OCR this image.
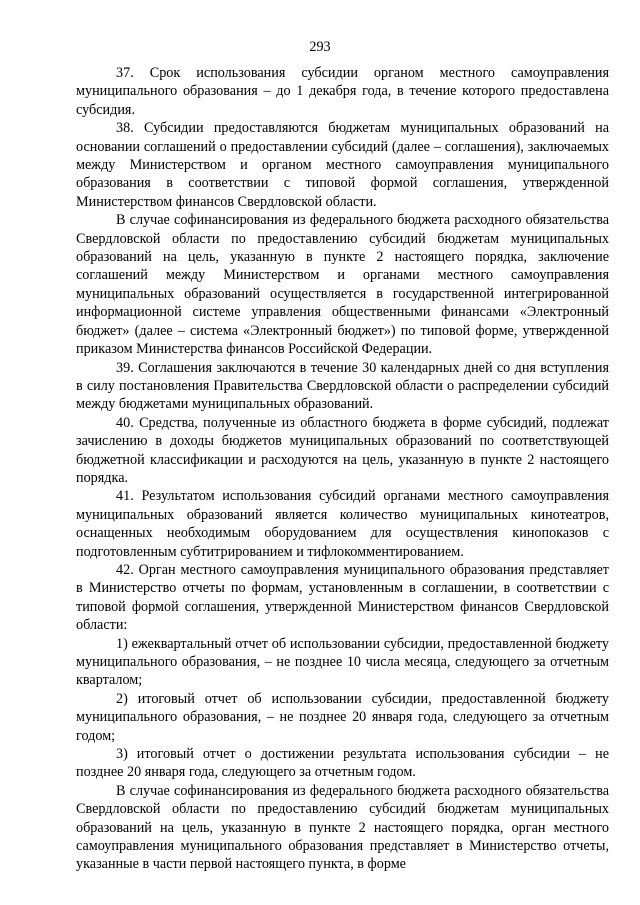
293

37. Срок использования субсидии органом местного самоуправления муниципального образования – до 1 декабря года, в течение которого предоставлена субсидия.

38. Субсидии предоставляются бюджетам муниципальных образований на основании соглашений о предоставлении субсидий (далее – соглашения), заключаемых между Министерством и органом местного самоуправления муниципального образования в соответствии с типовой формой соглашения, утвержденной Министерством финансов Свердловской области.

В случае софинансирования из федерального бюджета расходного обязательства Свердловской области по предоставлению субсидий бюджетам муниципальных образований на цель, указанную в пункте 2 настоящего порядка, заключение соглашений между Министерством и органами местного самоуправления муниципальных образований осуществляется в государственной интегрированной информационной системе управления общественными финансами «Электронный бюджет» (далее – система «Электронный бюджет») по типовой форме, утвержденной приказом Министерства финансов Российской Федерации.

39. Соглашения заключаются в течение 30 календарных дней со дня вступления в силу постановления Правительства Свердловской области о распределении субсидий между бюджетами муниципальных образований.

40. Средства, полученные из областного бюджета в форме субсидий, подлежат зачислению в доходы бюджетов муниципальных образований по соответствующей бюджетной классификации и расходуются на цель, указанную в пункте 2 настоящего порядка.

41. Результатом использования субсидий органами местного самоуправления муниципальных образований является количество муниципальных кинотеатров, оснащенных необходимым оборудованием для осуществления кинопоказов с подготовленным субтитрированием и тифлокомментированием.

42. Орган местного самоуправления муниципального образования представляет в Министерство отчеты по формам, установленным в соглашении, в соответствии с типовой формой соглашения, утвержденной Министерством финансов Свердловской области:

1) ежеквартальный отчет об использовании субсидии, предоставленной бюджету муниципального образования, – не позднее 10 числа месяца, следующего за отчетным кварталом;

2) итоговый отчет об использовании субсидии, предоставленной бюджету муниципального образования, – не позднее 20 января года, следующего за отчетным годом;

3) итоговый отчет о достижении результата использования субсидии – не позднее 20 января года, следующего за отчетным годом.

В случае софинансирования из федерального бюджета расходного обязательства Свердловской области по предоставлению субсидий бюджетам муниципальных образований на цель, указанную в пункте 2 настоящего порядка, орган местного самоуправления муниципального образования представляет в Министерство отчеты, указанные в части первой настоящего пункта, в форме
